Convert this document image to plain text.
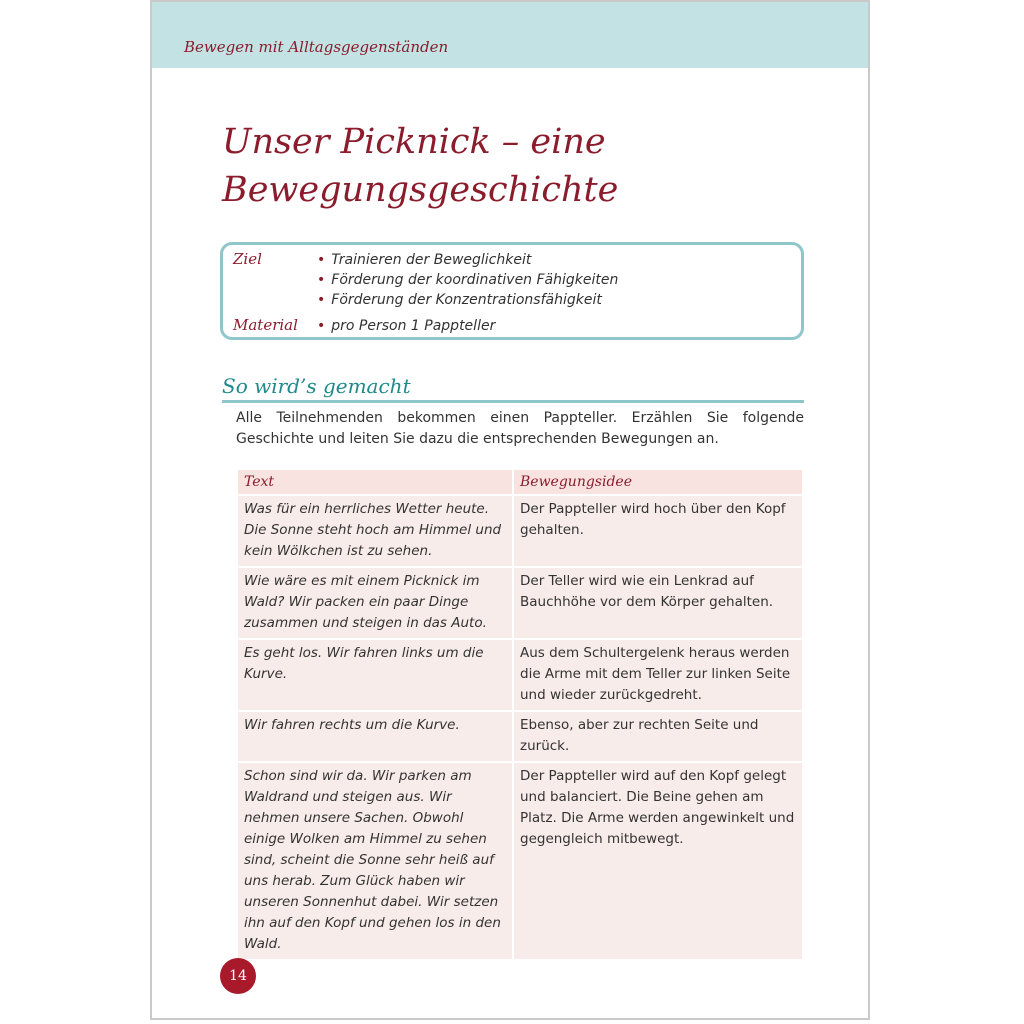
Bewegen mit Alltagsgegenständen
Unser Picknick – eine
Bewegungsgeschichte
Ziel	• Trainieren der Beweglichkeit
• Förderung der koordinativen Fähigkeiten
• Förderung der Konzentrationsfähigkeit
Material • pro Person 1 Pappteller
So wird’s gemacht

Alle Teilnehmenden bekommen einen Pappteller. Erzählen Sie folgende Geschichte und leiten Sie dazu die entsprechenden Bewegungen an.

Text	Bewegungsidee
Was für ein herrliches Wetter heute. Die Sonne steht hoch am Himmel und kein Wölkchen ist zu sehen.	Der Pappteller wird hoch über den Kopf gehalten.
Wie wäre es mit einem Picknick im Wald? Wir packen ein paar Dinge zusammen und steigen in das Auto.	Der Teller wird wie ein Lenkrad auf Bauchhöhe vor dem Körper gehalten.
Es geht los. Wir fahren links um die Kurve.	Aus dem Schultergelenk heraus werden die Arme mit dem Teller zur linken Seite und wieder zurückgedreht.
Wir fahren rechts um die Kurve.	Ebenso, aber zur rechten Seite und zurück.
Schon sind wir da. Wir parken am Waldrand und steigen aus. Wir nehmen unsere Sachen. Obwohl einige Wolken am Himmel zu sehen sind, scheint die Sonne sehr heiß auf uns herab. Zum Glück haben wir unseren Sonnenhut dabei. Wir setzen ihn auf den Kopf und gehen los in den Wald.	Der Pappteller wird auf den Kopf gelegt und balanciert. Die Beine gehen am Platz. Die Arme werden angewinkelt und gegengleich mitbewegt.
14
